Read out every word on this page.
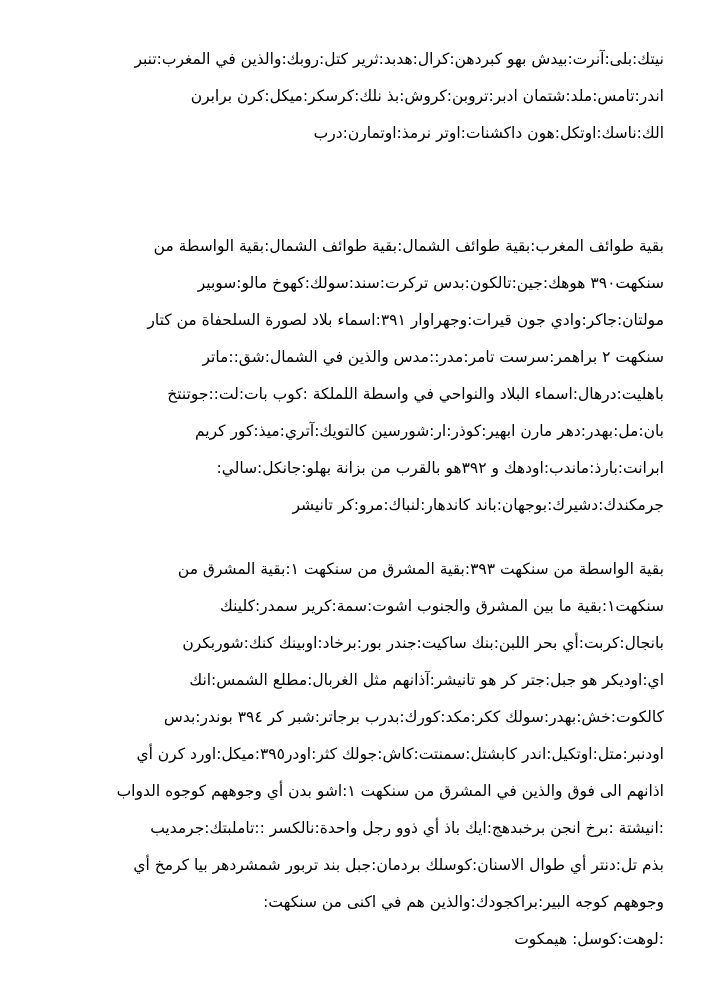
نيتك:بلى:آنرت:بيدش بهو كبردهن:كرال:هدبد:ثرير كتل:روبك:والذين في المغرب:تنبر
اندر:تامس:ملد:شتمان ادبر:تروبن:كروش:بذ نلك:كرسكر:ميكل:كرن برابرن
الك:ناسك:اوتكل:هون داكشنات:اوتر نرمذ:اوتمارن:درب
بقية طوائف المغرب:بقية طوائف الشمال:بقية طوائف الشمال:بقية الواسطة من
سنكهت٣٩٠ هوهك:جين:تالكون:بدس تركرت:سند:سولك:كهوخ مالو:سوبير
مولتان:جاكر:وادي جون قيرات:وجهراوار ٣٩١:اسماء بلاد لصورة السلحفاة من كتار
سنكهت ٢ براهمر:سرست تامر:مدر::مدس والذين في الشمال:شق::ماتر
باهليت:درهال:اسماء البلاد والنواحي في واسطة اللملكة :كوب بات:لت::جوتنتخ
بان:مل:بهدر:دهر مارن ابهير:كوذر:ار:شورسين كالتويك:آتري:ميذ:كور كريم
ابرانت:بارذ:ماندب:اودهك و ٣٩٢هو بالقرب من بزانة بهلو:جانكل:سالي:
جرمكندك:دشيرك:بوجهان:باند كاندهار:لنباك:مرو:كر تانيشر
بقية الواسطة من سنكهت ٣٩٣:بقية المشرق من سنكهت ١:بقية المشرق من
سنكهت١:بقية ما بين المشرق والجنوب اشوت:سمة:كرير سمدر:كلينك
بانجال:كربت:أي بحر اللبن:بنك ساكيت:جندر بور:برخاد:اوبينك كنك:شوربكرن
اي:اوديكر هو جبل:جتر كر هو تانيشر:آذانهم مثل الغربال:مطلع الشمس:انك
كالكوت:خش:بهدر:سولك ككر:مكد:كورك:بدرب برجاتر:شبر كر ٣٩٤ بوندر:بدس
اودنبر:متل:اوتكيل:اندر كابشتل:سمنتت:كاش:جولك كثر:اودر٣٩٥:ميكل:اورد كرن أي
اذانهم الى فوق والذين في المشرق من سنكهت ١:اشو بدن أي وجوههم كوجوه الدواب
:انيشتة :برخ انجن برخبدهج:ايك باذ أي ذوو رجل واحدة:نالكسر ::تاملبتك:جرمديب
بذم تل:دنتر أي طوال الاسنان:كوسلك بردمان:جبل بند تربور شمشردهر بيا كرمخ أي
وجوههم كوجه البير:براكجودك:والذين هم في اكنى من سنكهت:
:لوهت:كوسل: هيمكوت
